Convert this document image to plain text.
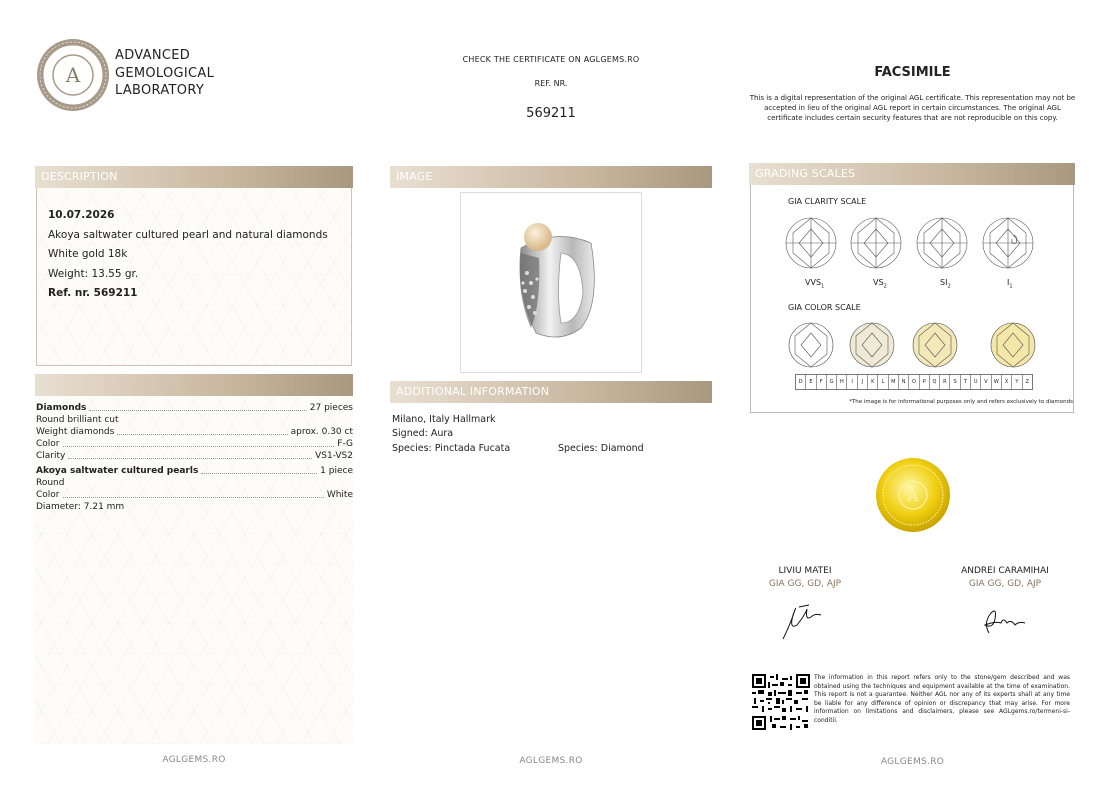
A
ADVANCED
GEMOLOGICAL
LABORATORY
CHECK THE CERTIFICATE ON AGLGEMS.RO
REF. NR.
569211
FACSIMILE
This is a digital representation of the original AGL certificate. This representation may not be accepted in lieu of the original AGL report in certain circumstances. The original AGL certificate includes certain security features that are not reproducible on this copy.
DESCRIPTION
10.07.2026
Akoya saltwater cultured pearl and natural diamonds
White gold 18k
Weight: 13.55 gr.
Ref. nr. 569211
Diamonds	27 pieces
Round brilliant cut
Weight diamonds	aprox. 0.30 ct
Color	F-G
Clarity	VS1-VS2
Akoya saltwater cultured pearls	1 piece
Round
Color	White
Diameter: 7.21 mm
IMAGE
ADDITIONAL INFORMATION
Milano, Italy Hallmark
Signed: Aura
Species: Pinctada Fucata	Species: Diamond
GRADING SCALES
GIA CLARITY SCALE
$VVS_1$	$VS_2$	$SI_2$	$I_1$
GIA COLOR SCALE
D	E	F	G	H	I	J	K	L	M	N	O	P	Q	R	S	T	U	V	W	X	Y	Z
*The image is for informational purposes only and refers exclusively to diamonds
A
LIVIU MATEI
GIA GG, GD, AJP
ANDREI CARAMIHAI
GIA GG, GD, AJP
The information in this report refers only to the stone/gem described and was obtained using the techniques and equipment available at the time of examination. This report is not a guarantee. Neither AGL nor any of its experts shall at any time be liable for any difference of opinion or discrepancy that may arise. For more information on limitations and disclaimers, please see AGLgems.ro/termeni-si-conditii.
AGLGEMS.RO	AGLGEMS.RO	AGLGEMS.RO
